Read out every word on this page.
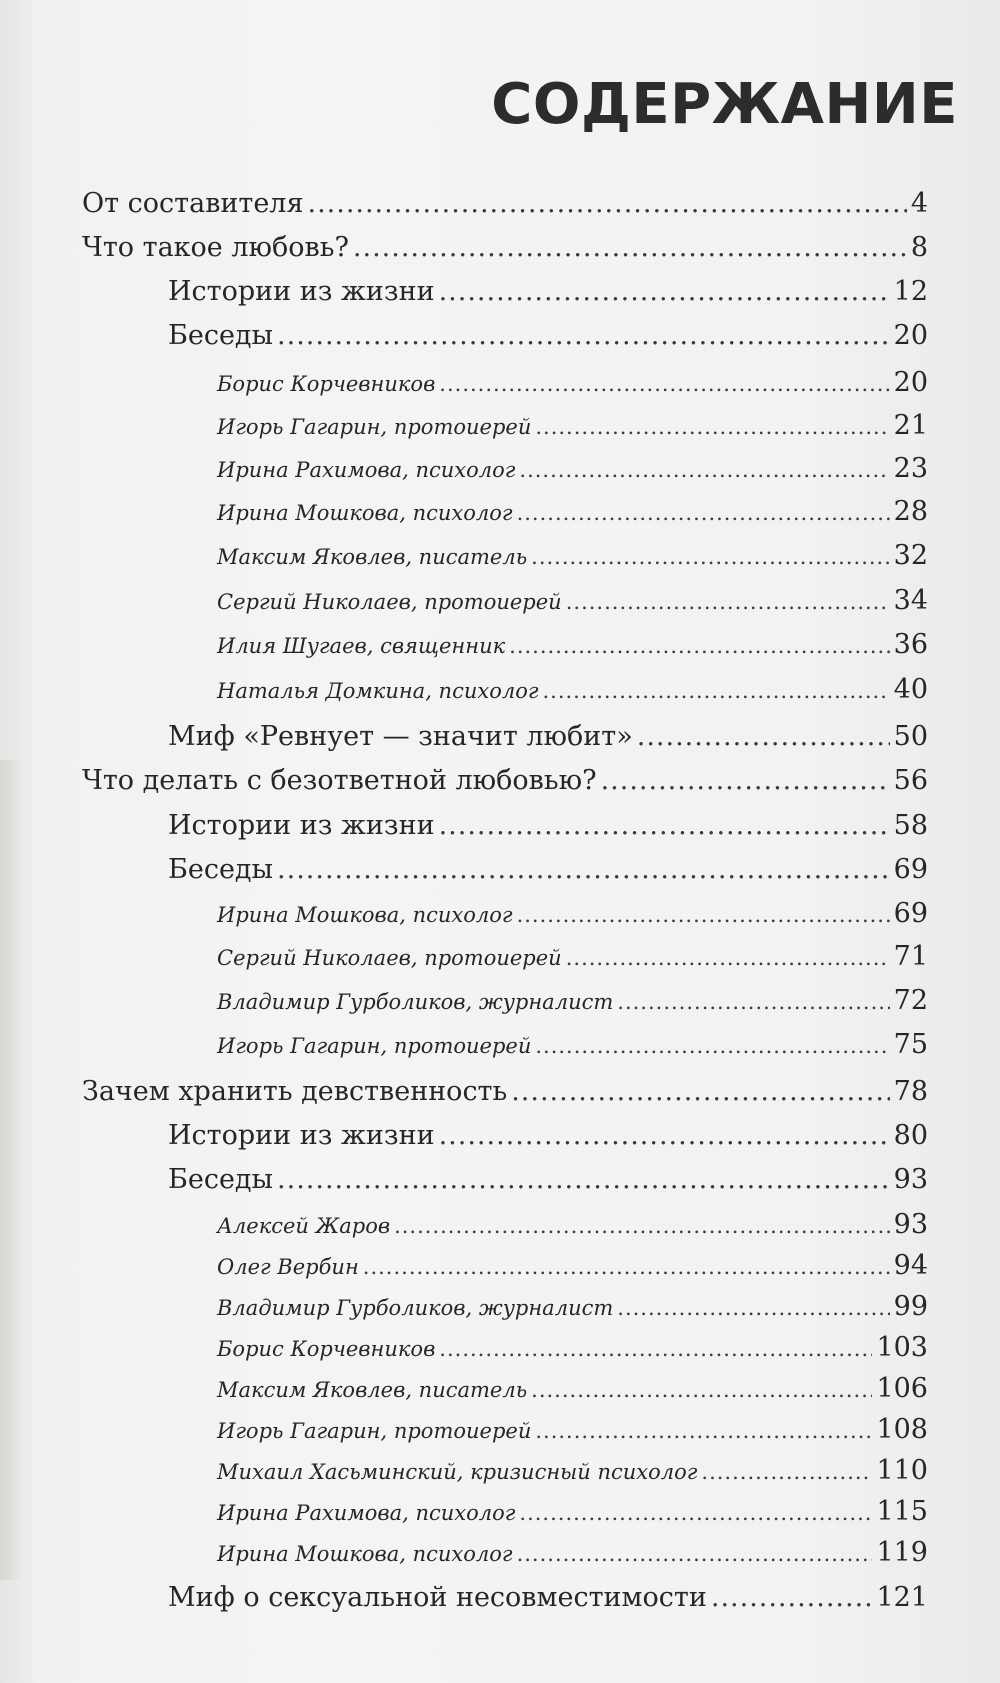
СОДЕРЖАНИЕ
От составителя .....	4
Что такое любовь? .....	8
Истории из жизни .....	12
Беседы .....	20
Борис Корчевников .....	20
Игорь Гагарин, протоиерей .....	21
Ирина Рахимова, психолог .....	23
Ирина Мошкова, психолог .....	28
Максим Яковлев, писатель .....	32
Сергий Николаев, протоиерей .....	34
Илия Шугаев, священник .....	36
Наталья Домкина, психолог .....	40
Миф «Ревнует — значит любит» .....	50
Что делать с безответной любовью? .....	56
Истории из жизни .....	58
Беседы .....	69
Ирина Мошкова, психолог .....	69
Сергий Николаев, протоиерей .....	71
Владимир Гурболиков, журналист .....	72
Игорь Гагарин, протоиерей .....	75
Зачем хранить девственность .....	78
Истории из жизни .....	80
Беседы .....	93
Алексей Жаров .....	93
Олег Вербин .....	94
Владимир Гурболиков, журналист .....	99
Борис Корчевников .....	103
Максим Яковлев, писатель .....	106
Игорь Гагарин, протоиерей .....	108
Михаил Хасьминский, кризисный психолог .....	110
Ирина Рахимова, психолог .....	115
Ирина Мошкова, психолог .....	119
Миф о сексуальной несовместимости .....	121
